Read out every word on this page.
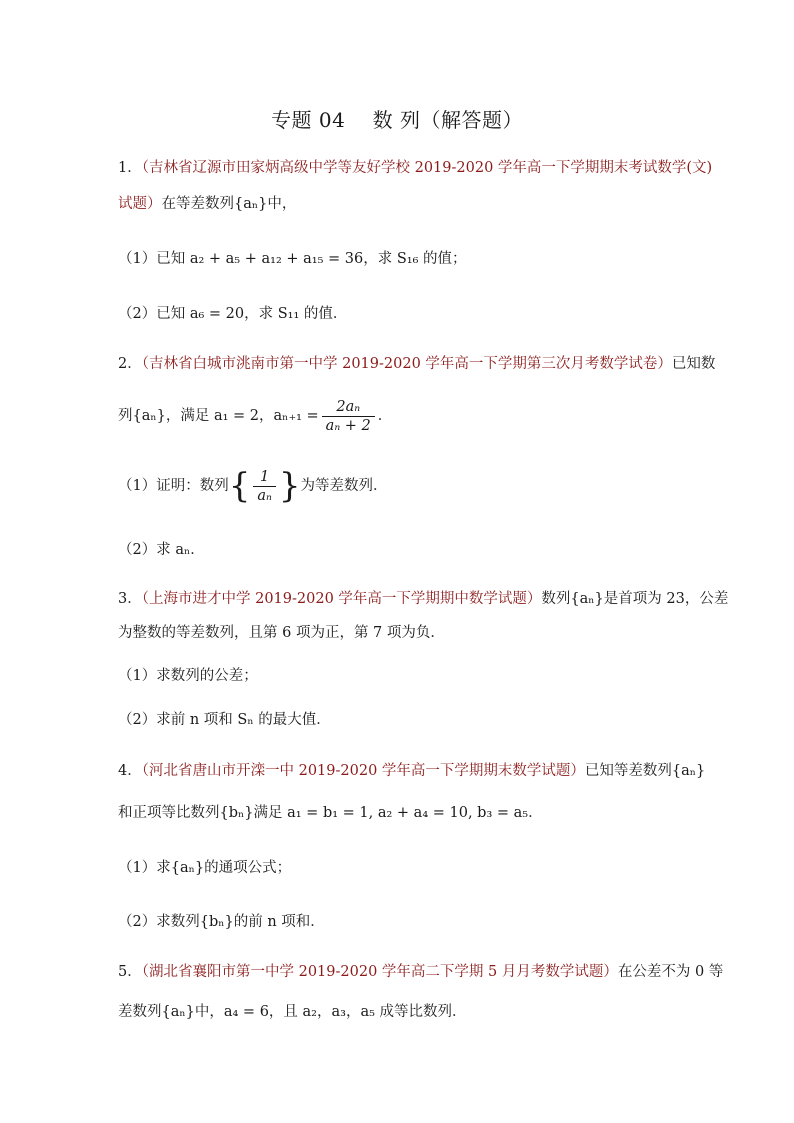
专题 04　 数 列（解答题）
1．（吉林省辽源市田家炳高级中学等友好学校 2019-2020 学年高一下学期期末考试数学(文)
试题）在等差数列{aₙ}中，
（1）已知 a₂ + a₅ + a₁₂ + a₁₅ = 36，求 S₁₆ 的值；
（2）已知 a₆ = 20，求 S₁₁ 的值．
2．（吉林省白城市洮南市第一中学 2019-2020 学年高一下学期第三次月考数学试卷）已知数
列{aₙ}，满足 a₁ = 2，$a_{n+1} = \frac{\text{2aₙ}}{\text{aₙ + 2}}$ ．
（1）证明：数列{ $\frac{1}{\text{aₙ}}$ }为等差数列．
（2）求 aₙ．
3．（上海市进才中学 2019-2020 学年高一下学期期中数学试题）数列{aₙ}是首项为 23，公差
为整数的等差数列，且第 6 项为正，第 7 项为负．
（1）求数列的公差；
（2）求前 n 项和 Sₙ 的最大值．
4．（河北省唐山市开滦一中 2019-2020 学年高一下学期期末数学试题）已知等差数列{aₙ}
和正项等比数列{bₙ}满足 a₁ = b₁ = 1, a₂ + a₄ = 10, b₃ = a₅．
（1）求{aₙ}的通项公式；
（2）求数列{bₙ}的前 n 项和．
5．（湖北省襄阳市第一中学 2019-2020 学年高二下学期 5 月月考数学试题）在公差不为 0 等
差数列{aₙ}中，a₄ = 6，且 a₂，a₃，a₅ 成等比数列．
